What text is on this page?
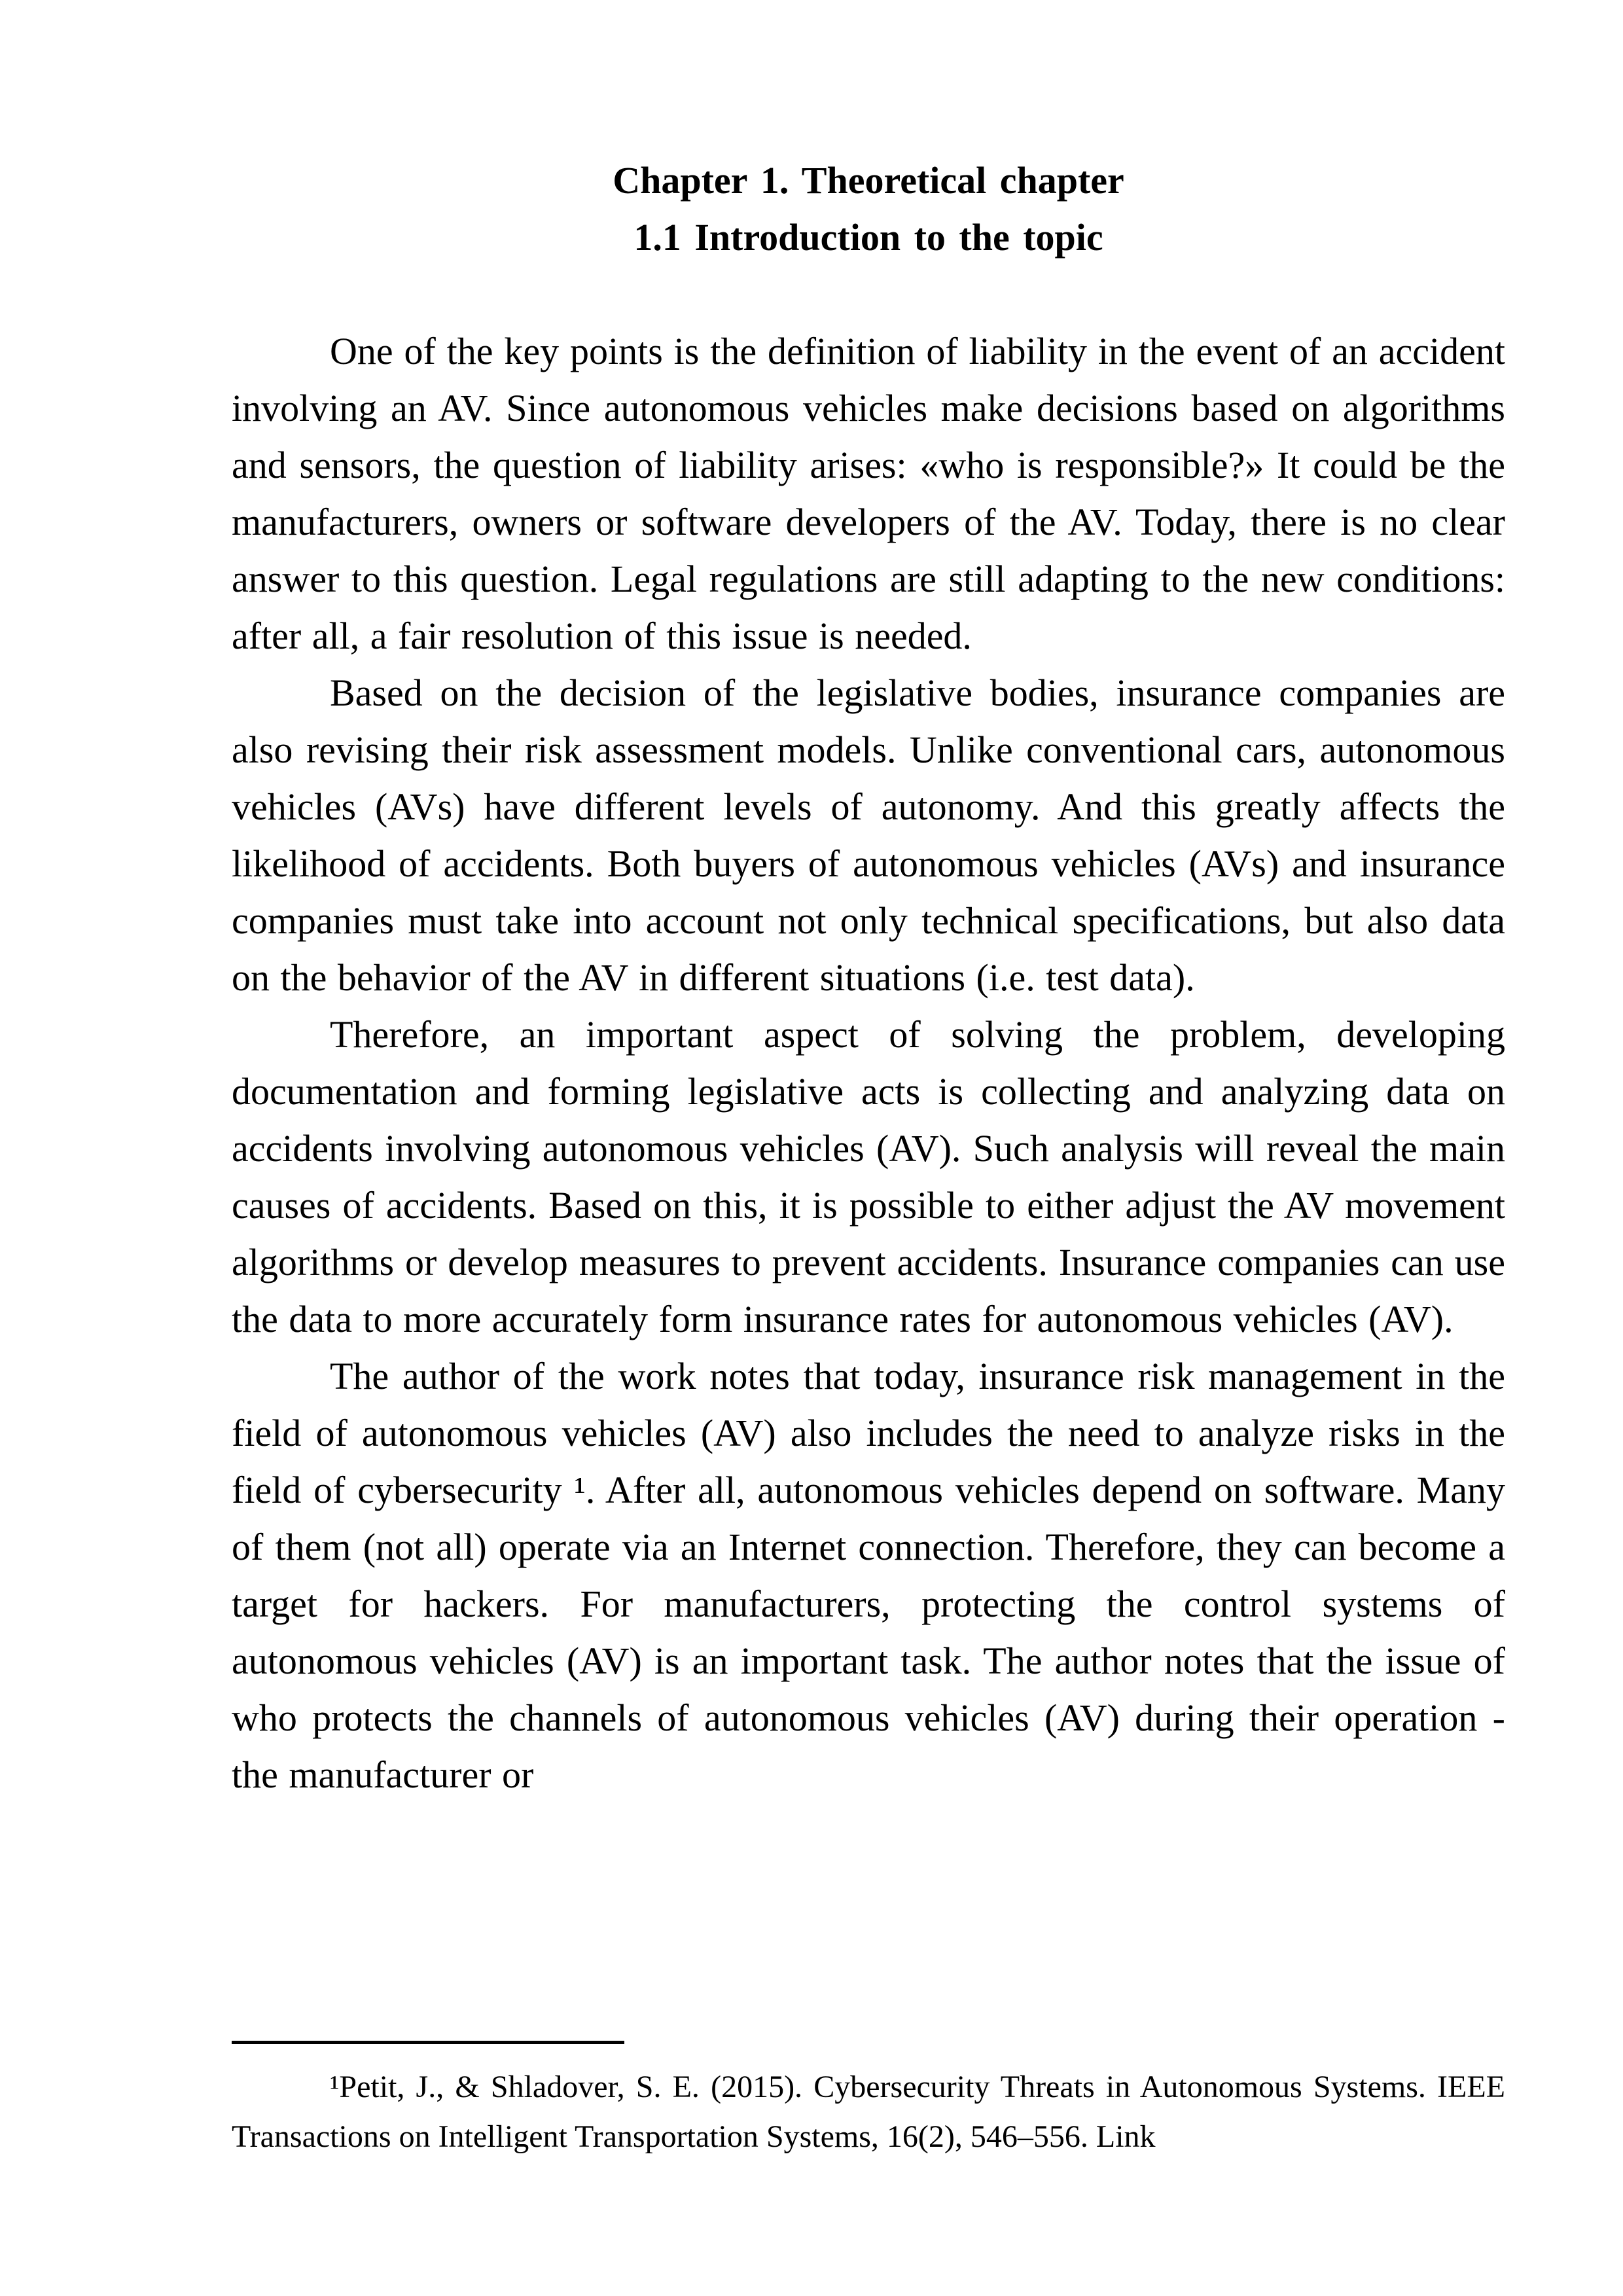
Chapter 1. Theoretical chapter
1.1 Introduction to the topic

One of the key points is the definition of liability in the event of an accident involving an AV. Since autonomous vehicles make decisions based on algorithms and sensors, the question of liability arises: «who is responsible?» It could be the manufacturers, owners or software developers of the AV. Today, there is no clear answer to this question. Legal regulations are still adapting to the new conditions: after all, a fair resolution of this issue is needed.

Based on the decision of the legislative bodies, insurance companies are also revising their risk assessment models. Unlike conventional cars, autonomous vehicles (AVs) have different levels of autonomy. And this greatly affects the likelihood of accidents. Both buyers of autonomous vehicles (AVs) and insurance companies must take into account not only technical specifications, but also data on the behavior of the AV in different situations (i.e. test data).

Therefore, an important aspect of solving the problem, developing documentation and forming legislative acts is collecting and analyzing data on accidents involving autonomous vehicles (AV). Such analysis will reveal the main causes of accidents. Based on this, it is possible to either adjust the AV movement algorithms or develop measures to prevent accidents. Insurance companies can use the data to more accurately form insurance rates for autonomous vehicles (AV).

The author of the work notes that today, insurance risk management in the field of autonomous vehicles (AV) also includes the need to analyze risks in the field of cybersecurity ¹. After all, autonomous vehicles depend on software. Many of them (not all) operate via an Internet connection. Therefore, they can become a target for hackers. For manufacturers, protecting the control systems of autonomous vehicles (AV) is an important task. The author notes that the issue of who protects the channels of autonomous vehicles (AV) during their operation - the manufacturer or

¹Petit, J., & Shladover, S. E. (2015). Cybersecurity Threats in Autonomous Systems. IEEE Transactions on Intelligent Transportation Systems, 16(2), 546–556. Link
